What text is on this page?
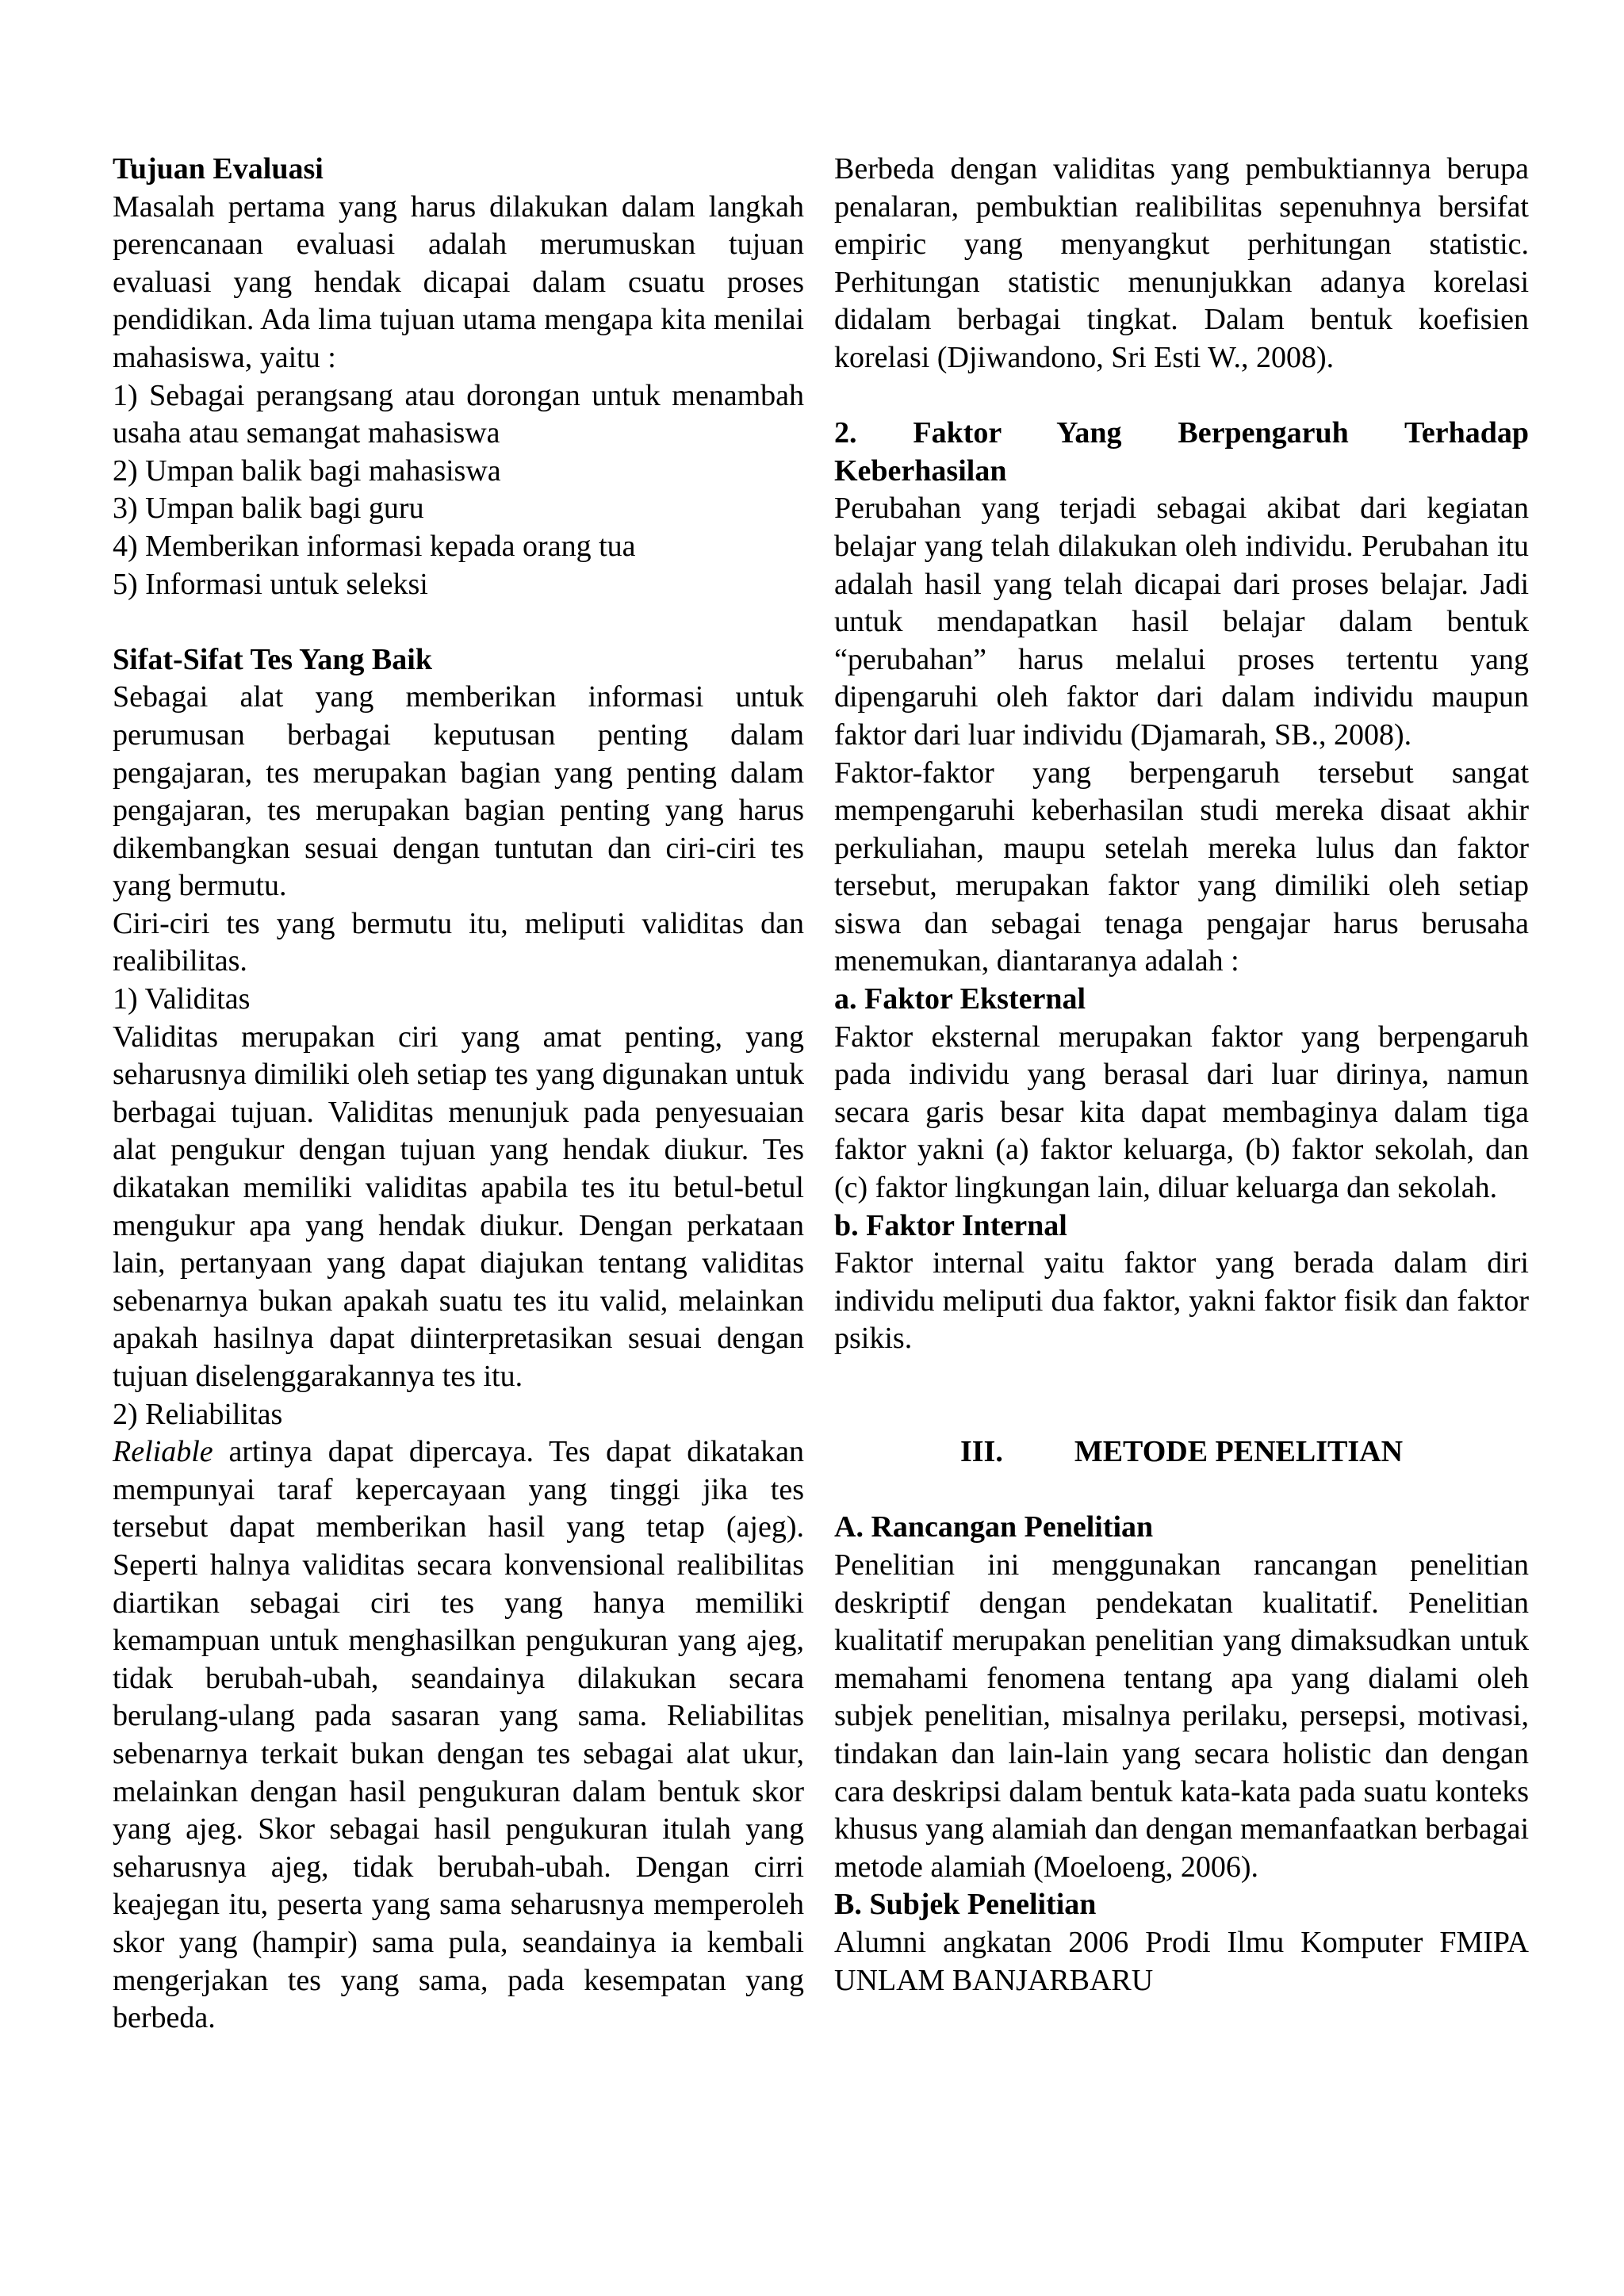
Tujuan Evaluasi

Masalah pertama yang harus dilakukan dalam langkah perencanaan evaluasi adalah merumuskan tujuan evaluasi yang hendak dicapai dalam csuatu proses pendidikan. Ada lima tujuan utama mengapa kita menilai mahasiswa, yaitu :

1) Sebagai perangsang atau dorongan untuk menambah usaha atau semangat mahasiswa

2) Umpan balik bagi mahasiswa

3) Umpan balik bagi guru

4) Memberikan informasi kepada orang tua

5) Informasi untuk seleksi

Sifat-Sifat Tes Yang Baik

Sebagai alat yang memberikan informasi untuk perumusan berbagai keputusan penting dalam pengajaran, tes merupakan bagian yang penting dalam pengajaran, tes merupakan bagian penting yang harus dikembangkan sesuai dengan tuntutan dan ciri-ciri tes yang bermutu.

Ciri-ciri tes yang bermutu itu, meliputi validitas dan realibilitas.

1) Validitas

Validitas merupakan ciri yang amat penting, yang seharusnya dimiliki oleh setiap tes yang digunakan untuk berbagai tujuan. Validitas menunjuk pada penyesuaian alat pengukur dengan tujuan yang hendak diukur. Tes dikatakan memiliki validitas apabila tes itu betul-betul mengukur apa yang hendak diukur. Dengan perkataan lain, pertanyaan yang dapat diajukan tentang validitas sebenarnya bukan apakah suatu tes itu valid, melainkan apakah hasilnya dapat diinterpretasikan sesuai dengan tujuan diselenggarakannya tes itu.

2) Reliabilitas

Reliable artinya dapat dipercaya. Tes dapat dikatakan mempunyai taraf kepercayaan yang tinggi jika tes tersebut dapat memberikan hasil yang tetap (ajeg). Seperti halnya validitas secara konvensional realibilitas diartikan sebagai ciri tes yang hanya memiliki kemampuan untuk menghasilkan pengukuran yang ajeg, tidak berubah-ubah, seandainya dilakukan secara berulang-ulang pada sasaran yang sama. Reliabilitas sebenarnya terkait bukan dengan tes sebagai alat ukur, melainkan dengan hasil pengukuran dalam bentuk skor yang ajeg. Skor sebagai hasil pengukuran itulah yang seharusnya ajeg, tidak berubah-ubah. Dengan cirri keajegan itu, peserta yang sama seharusnya memperoleh skor yang (hampir) sama pula, seandainya ia kembali mengerjakan tes yang sama, pada kesempatan yang berbeda.

Berbeda dengan validitas yang pembuktiannya berupa penalaran, pembuktian realibilitas sepenuhnya bersifat empiric yang menyangkut perhitungan statistic. Perhitungan statistic menunjukkan adanya korelasi didalam berbagai tingkat. Dalam bentuk koefisien korelasi (Djiwandono, Sri Esti W., 2008).

2. Faktor Yang Berpengaruh Terhadap

Keberhasilan

Perubahan yang terjadi sebagai akibat dari kegiatan belajar yang telah dilakukan oleh individu. Perubahan itu adalah hasil yang telah dicapai dari proses belajar. Jadi untuk mendapatkan hasil belajar dalam bentuk “perubahan” harus melalui proses tertentu yang dipengaruhi oleh faktor dari dalam individu maupun faktor dari luar individu (Djamarah, SB., 2008).

Faktor-faktor yang berpengaruh tersebut sangat mempengaruhi keberhasilan studi mereka disaat akhir perkuliahan, maupu setelah mereka lulus dan faktor tersebut, merupakan faktor yang dimiliki oleh setiap siswa dan sebagai tenaga pengajar harus berusaha menemukan, diantaranya adalah :

a. Faktor Eksternal

Faktor eksternal merupakan faktor yang berpengaruh pada individu yang berasal dari luar dirinya, namun secara garis besar kita dapat membaginya dalam tiga faktor yakni (a) faktor keluarga, (b) faktor sekolah, dan (c) faktor lingkungan lain, diluar keluarga dan sekolah.

b. Faktor Internal

Faktor internal yaitu faktor yang berada dalam diri individu meliputi dua faktor, yakni faktor fisik dan faktor psikis.

III. METODE PENELITIAN

A. Rancangan Penelitian

Penelitian ini menggunakan rancangan penelitian deskriptif dengan pendekatan kualitatif. Penelitian kualitatif merupakan penelitian yang dimaksudkan untuk memahami fenomena tentang apa yang dialami oleh subjek penelitian, misalnya perilaku, persepsi, motivasi, tindakan dan lain-lain yang secara holistic dan dengan cara deskripsi dalam bentuk kata-kata pada suatu konteks khusus yang alamiah dan dengan memanfaatkan berbagai metode alamiah (Moeloeng, 2006).

B. Subjek Penelitian

Alumni angkatan 2006 Prodi Ilmu Komputer FMIPA UNLAM BANJARBARU
